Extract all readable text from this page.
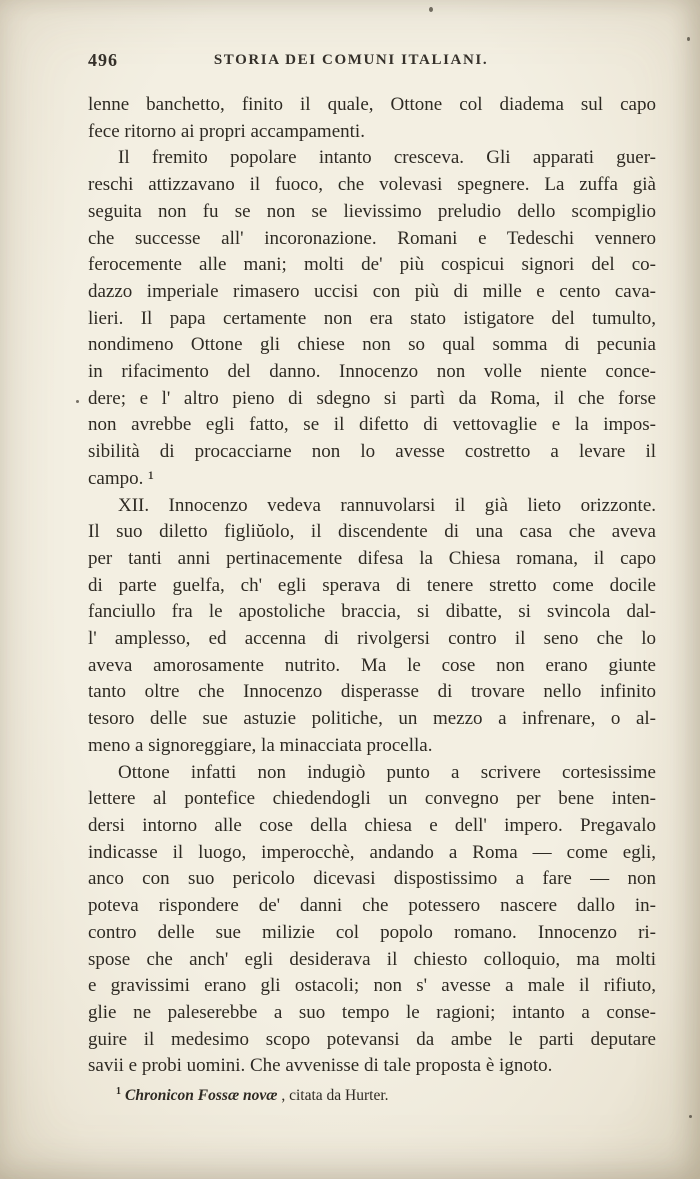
496	STORIA DEI COMUNI ITALIANI.
lenne banchetto, finito il quale, Ottone col diadema sul capo
fece ritorno ai propri accampamenti.
Il fremito popolare intanto cresceva. Gli apparati guer-
reschi attizzavano il fuoco, che volevasi spegnere. La zuffa già
seguita non fu se non se lievissimo preludio dello scompiglio
che successe all' incoronazione. Romani e Tedeschi vennero
ferocemente alle mani; molti de' più cospicui signori del co-
dazzo imperiale rimasero uccisi con più di mille e cento cava-
lieri. Il papa certamente non era stato istigatore del tumulto,
nondimeno Ottone gli chiese non so qual somma di pecunia
in rifacimento del danno. Innocenzo non volle niente conce-
dere; e l' altro pieno di sdegno si partì da Roma, il che forse
non avrebbe egli fatto, se il difetto di vettovaglie e la impos-
sibilità di procacciarne non lo avesse costretto a levare il
campo. ¹
XII. Innocenzo vedeva rannuvolarsi il già lieto orizzonte.
Il suo diletto figliŭolo, il discendente di una casa che aveva
per tanti anni pertinacemente difesa la Chiesa romana, il capo
di parte guelfa, ch' egli sperava di tenere stretto come docile
fanciullo fra le apostoliche braccia, si dibatte, si svincola dal-
l' amplesso, ed accenna di rivolgersi contro il seno che lo
aveva amorosamente nutrito. Ma le cose non erano giunte
tanto oltre che Innocenzo disperasse di trovare nello infinito
tesoro delle sue astuzie politiche, un mezzo a infrenare, o al-
meno a signoreggiare, la minacciata procella.
Ottone infatti non indugiò punto a scrivere cortesissime
lettere al pontefice chiedendogli un convegno per bene inten-
dersi intorno alle cose della chiesa e dell' impero. Pregavalo
indicasse il luogo, imperocchè, andando a Roma — come egli,
anco con suo pericolo dicevasi dispostissimo a fare — non
poteva rispondere de' danni che potessero nascere dallo in-
contro delle sue milizie col popolo romano. Innocenzo ri-
spose che anch' egli desiderava il chiesto colloquio, ma molti
e gravissimi erano gli ostacoli; non s' avesse a male il rifiuto,
glie ne paleserebbe a suo tempo le ragioni; intanto a conse-
guire il medesimo scopo potevansi da ambe le parti deputare
savii e probi uomini. Che avvenisse di tale proposta è ignoto.
$^1$ Chronicon Fossæ novæ , citata da Hurter.
